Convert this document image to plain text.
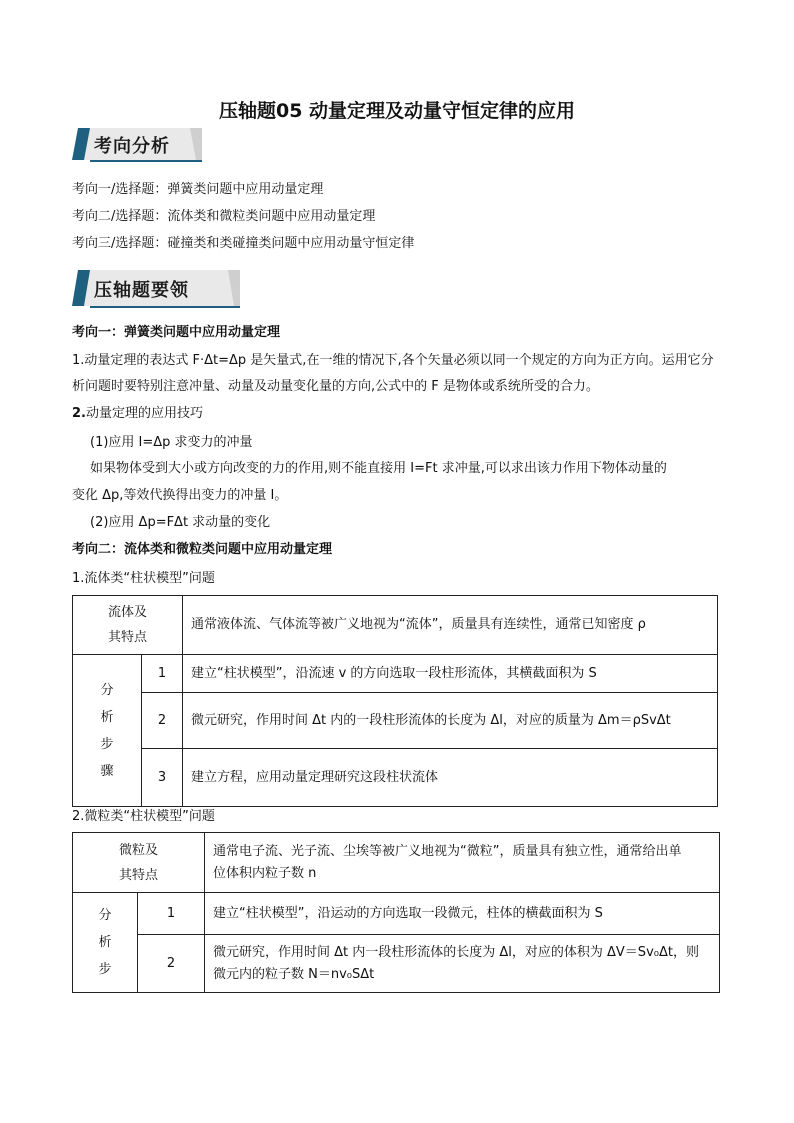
压轴题05 动量定理及动量守恒定律的应用
考向分析
考向一/选择题：弹簧类问题中应用动量定理
考向二/选择题：流体类和微粒类问题中应用动量定理
考向三/选择题：碰撞类和类碰撞类问题中应用动量守恒定律
压轴题要领
考向一：弹簧类问题中应用动量定理
1.动量定理的表达式 F·Δt=Δp 是矢量式,在一维的情况下,各个矢量必须以同一个规定的方向为正方向。运用它分析问题时要特别注意冲量、动量及动量变化量的方向,公式中的 F 是物体或系统所受的合力。
2.动量定理的应用技巧
(1)应用 I=Δp 求变力的冲量
如果物体受到大小或方向改变的力的作用,则不能直接用 I=Ft 求冲量,可以求出该力作用下物体动量的
变化 Δp,等效代换得出变力的冲量 I。
(2)应用 Δp=FΔt 求动量的变化
考向二：流体类和微粒类问题中应用动量定理
1.流体类“柱状模型”问题
流体及
其特点		通常液体流、气体流等被广义地视为“流体”，质量具有连续性，通常已知密度 ρ

分
析
步
骤	1	建立“柱状模型”，沿流速 v 的方向选取一段柱形流体，其横截面积为 S
	2	微元研究，作用时间 Δt 内的一段柱形流体的长度为 Δl，对应的质量为 Δm＝ρSvΔt
	3	建立方程，应用动量定理研究这段柱状流体
2.微粒类“柱状模型”问题
微粒及
其特点		通常电子流、光子流、尘埃等被广义地视为“微粒”，质量具有独立性，通常给出单
位体积内粒子数 n

分
析
步	1	建立“柱状模型”，沿运动的方向选取一段微元，柱体的横截面积为 S
	2	微元研究，作用时间 Δt 内一段柱形流体的长度为 Δl，对应的体积为 ΔV＝Sv₀Δt，则
微元内的粒子数 N＝nv₀SΔt
